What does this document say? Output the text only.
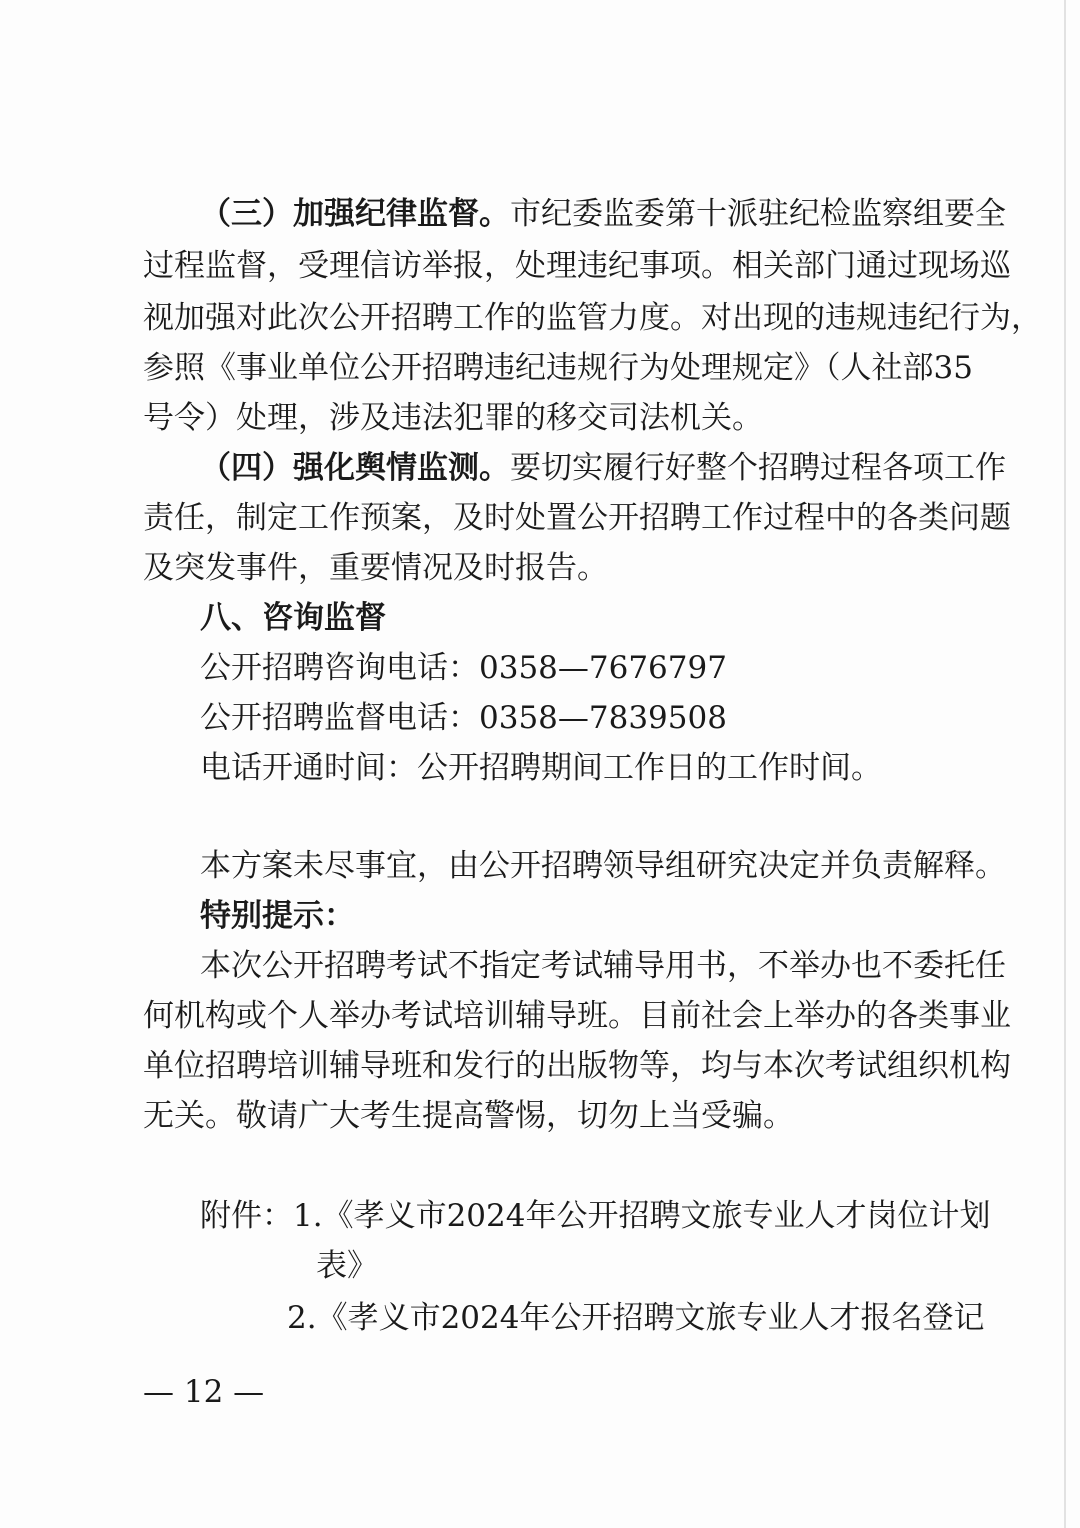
（三）加强纪律监督。市纪委监委第十派驻纪检监察组要全
过程监督，受理信访举报，处理违纪事项。相关部门通过现场巡
视加强对此次公开招聘工作的监管力度。对出现的违规违纪行为，
参照《事业单位公开招聘违纪违规行为处理规定》（人社部35
号令）处理，涉及违法犯罪的移交司法机关。
（四）强化舆情监测。要切实履行好整个招聘过程各项工作
责任，制定工作预案，及时处置公开招聘工作过程中的各类问题
及突发事件，重要情况及时报告。
八、咨询监督
公开招聘咨询电话：0358—7676797
公开招聘监督电话：0358—7839508
电话开通时间：公开招聘期间工作日的工作时间。
本方案未尽事宜，由公开招聘领导组研究决定并负责解释。
特别提示：
本次公开招聘考试不指定考试辅导用书，不举办也不委托任
何机构或个人举办考试培训辅导班。目前社会上举办的各类事业
单位招聘培训辅导班和发行的出版物等，均与本次考试组织机构
无关。敬请广大考生提高警惕，切勿上当受骗。
附件：1.《孝义市2024年公开招聘文旅专业人才岗位计划
表》
2.《孝义市2024年公开招聘文旅专业人才报名登记
— 12 —
